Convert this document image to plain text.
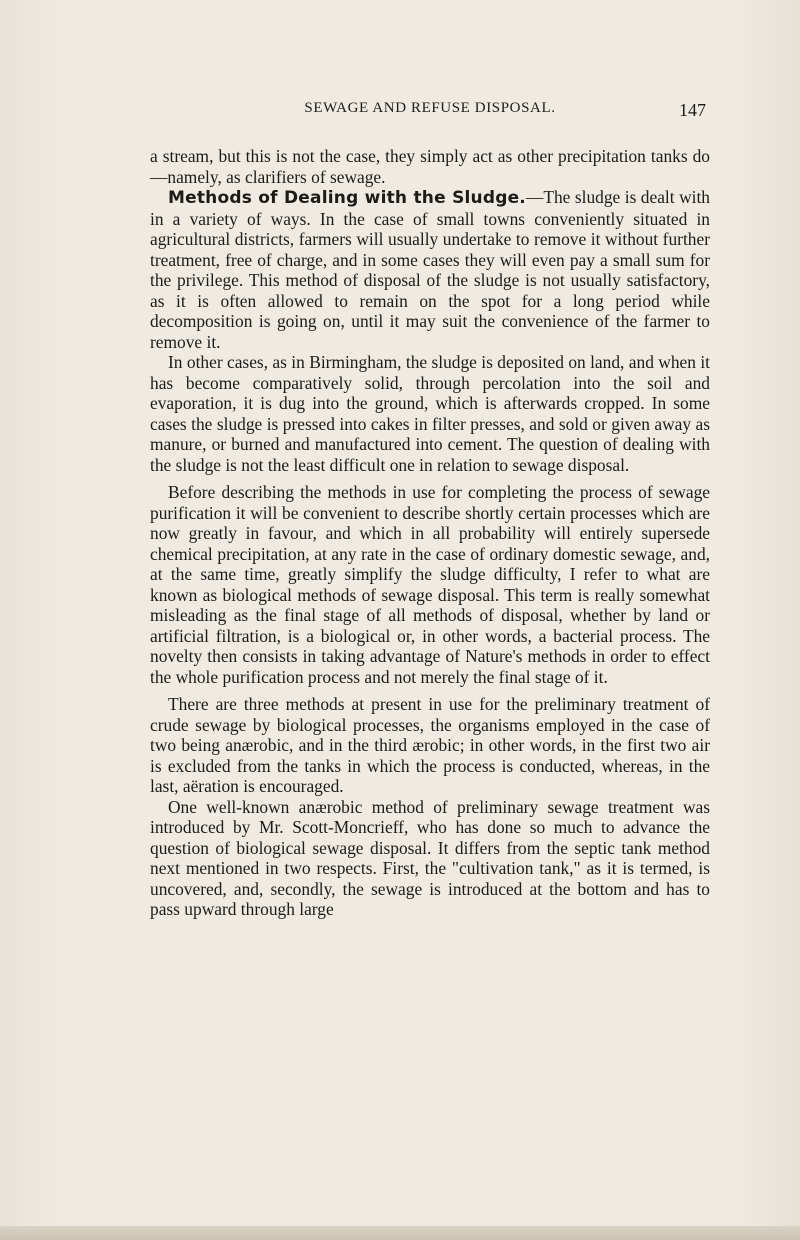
SEWAGE AND REFUSE DISPOSAL.	147

a stream, but this is not the case, they simply act as other precipitation tanks do—namely, as clarifiers of sewage.

Methods of Dealing with the Sludge.—The sludge is dealt with in a variety of ways. In the case of small towns conveniently situated in agricultural districts, farmers will usually undertake to remove it without further treatment, free of charge, and in some cases they will even pay a small sum for the privilege. This method of disposal of the sludge is not usually satisfactory, as it is often allowed to remain on the spot for a long period while decomposition is going on, until it may suit the convenience of the farmer to remove it.

In other cases, as in Birmingham, the sludge is deposited on land, and when it has become comparatively solid, through percolation into the soil and evaporation, it is dug into the ground, which is afterwards cropped. In some cases the sludge is pressed into cakes in filter presses, and sold or given away as manure, or burned and manufactured into cement. The question of dealing with the sludge is not the least difficult one in relation to sewage disposal.

Before describing the methods in use for completing the process of sewage purification it will be convenient to describe shortly certain processes which are now greatly in favour, and which in all probability will entirely supersede chemical precipitation, at any rate in the case of ordinary domestic sewage, and, at the same time, greatly simplify the sludge difficulty, I refer to what are known as biological methods of sewage disposal. This term is really somewhat misleading as the final stage of all methods of disposal, whether by land or artificial filtration, is a biological or, in other words, a bacterial process. The novelty then consists in taking advantage of Nature's methods in order to effect the whole purification process and not merely the final stage of it.

There are three methods at present in use for the preliminary treatment of crude sewage by biological processes, the organisms employed in the case of two being anærobic, and in the third ærobic; in other words, in the first two air is excluded from the tanks in which the process is conducted, whereas, in the last, aëration is encouraged.

One well-known anærobic method of preliminary sewage treatment was introduced by Mr. Scott-Moncrieff, who has done so much to advance the question of biological sewage disposal. It differs from the septic tank method next mentioned in two respects. First, the "cultivation tank," as it is termed, is uncovered, and, secondly, the sewage is introduced at the bottom and has to pass upward through large
